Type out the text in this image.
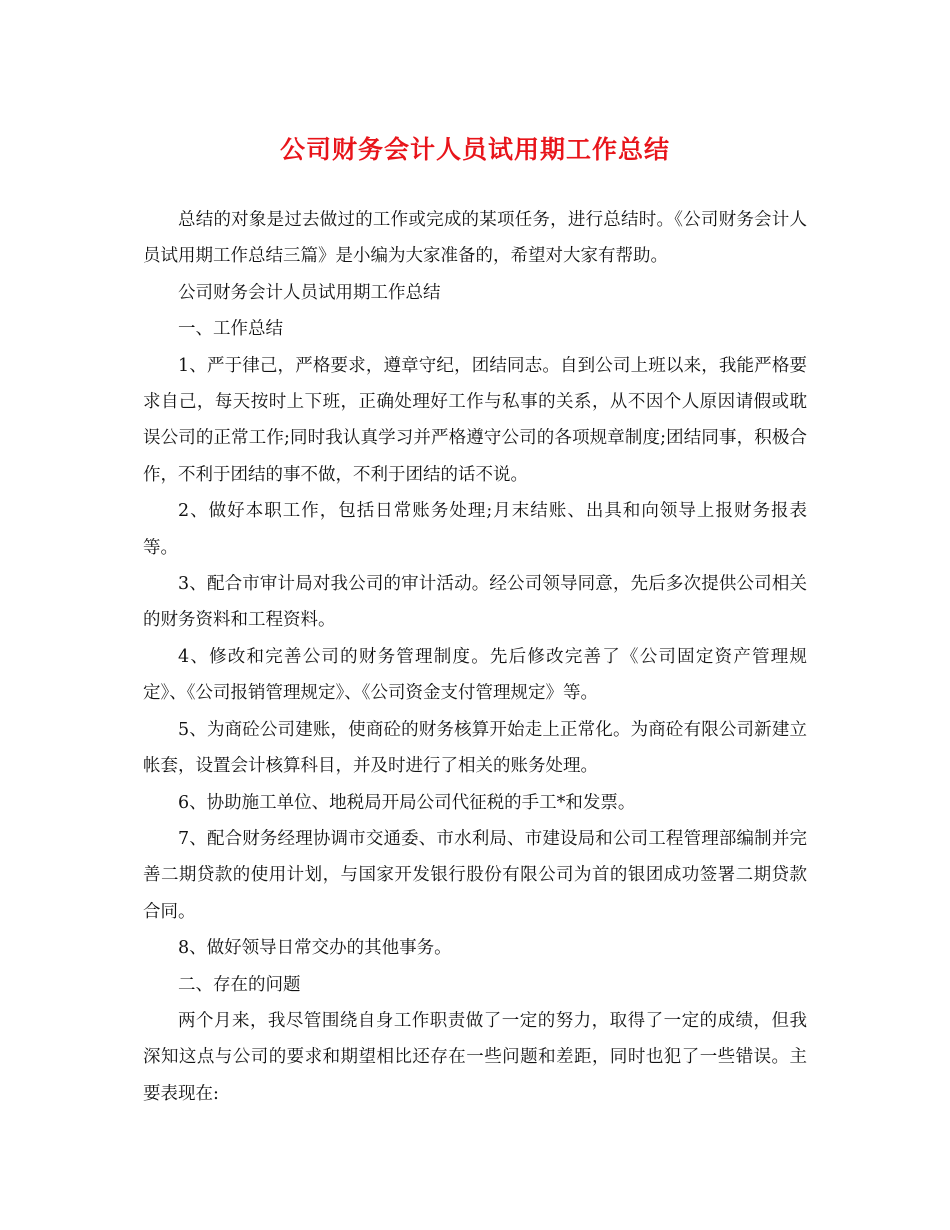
公司财务会计人员试用期工作总结

总结的对象是过去做过的工作或完成的某项任务，进行总结时。《公司财务会计人员试用期工作总结三篇》是小编为大家准备的，希望对大家有帮助。

公司财务会计人员试用期工作总结

一、工作总结

1、严于律己，严格要求，遵章守纪，团结同志。自到公司上班以来，我能严格要求自己，每天按时上下班，正确处理好工作与私事的关系，从不因个人原因请假或耽误公司的正常工作;同时我认真学习并严格遵守公司的各项规章制度;团结同事，积极合作，不利于团结的事不做，不利于团结的话不说。

2、做好本职工作，包括日常账务处理;月末结账、出具和向领导上报财务报表等。

3、配合市审计局对我公司的审计活动。经公司领导同意，先后多次提供公司相关的财务资料和工程资料。

4、修改和完善公司的财务管理制度。先后修改完善了《公司固定资产管理规定》、《公司报销管理规定》、《公司资金支付管理规定》等。

5、为商砼公司建账，使商砼的财务核算开始走上正常化。为商砼有限公司新建立帐套，设置会计核算科目，并及时进行了相关的账务处理。

6、协助施工单位、地税局开局公司代征税的手工*和发票。

7、配合财务经理协调市交通委、市水利局、市建设局和公司工程管理部编制并完善二期贷款的使用计划，与国家开发银行股份有限公司为首的银团成功签署二期贷款合同。

8、做好领导日常交办的其他事务。

二、存在的问题

两个月来，我尽管围绕自身工作职责做了一定的努力，取得了一定的成绩，但我深知这点与公司的要求和期望相比还存在一些问题和差距，同时也犯了一些错误。主要表现在:
